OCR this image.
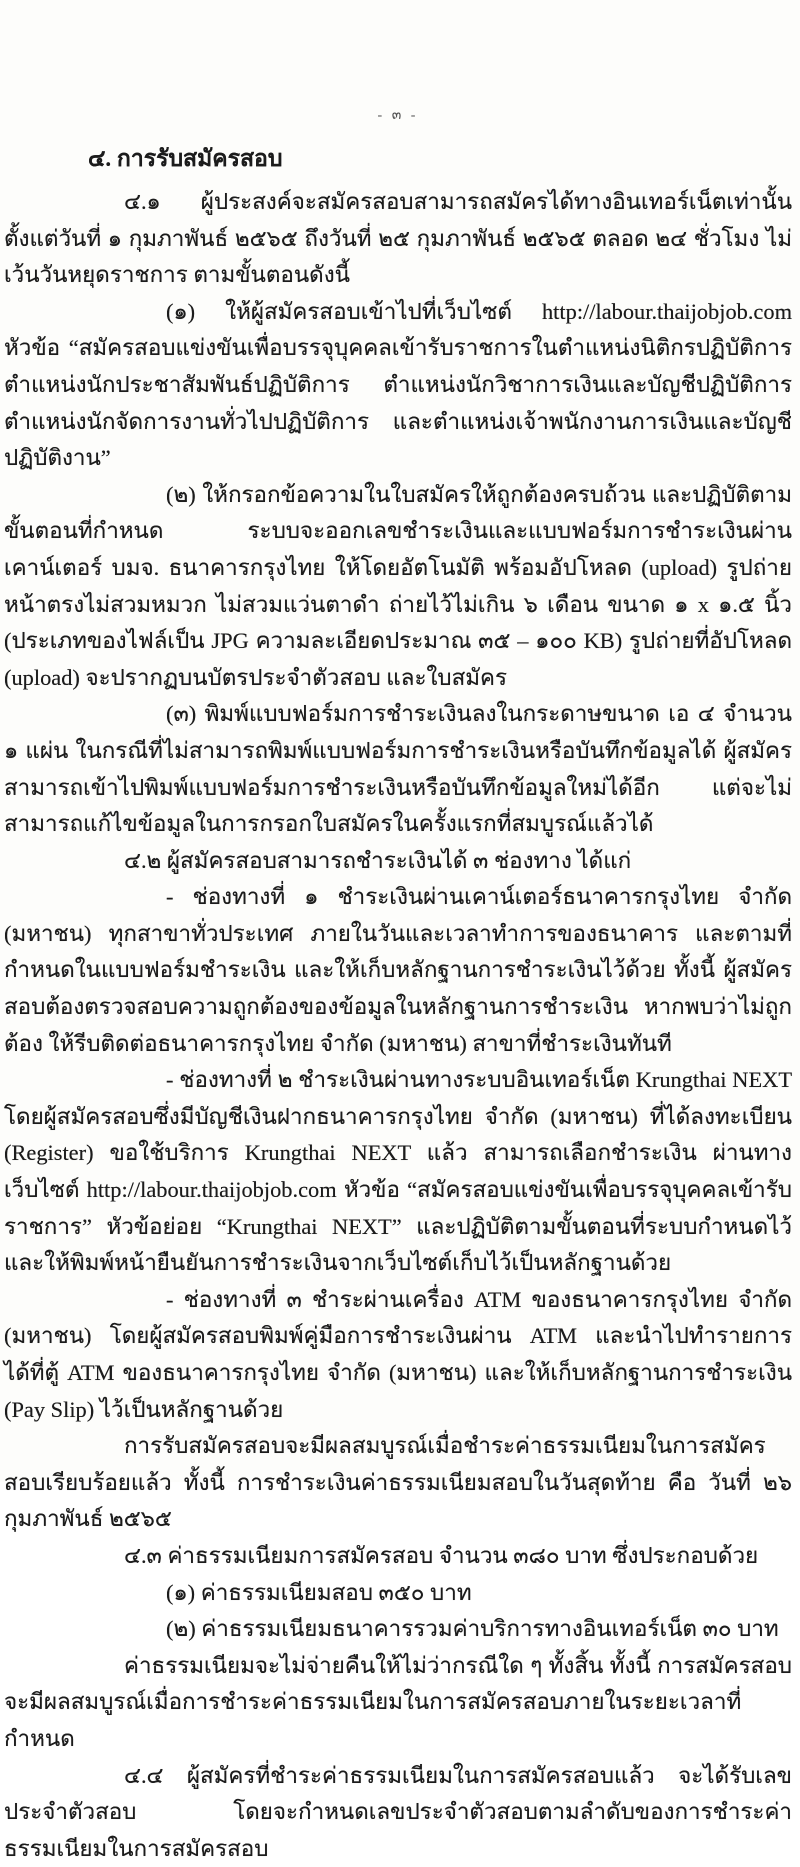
- ๓ -
๔. การรับสมัครสอบ

๔.๑ ผู้ประสงค์จะสมัครสอบสามารถสมัครได้ทางอินเทอร์เน็ตเท่านั้น ตั้งแต่วันที่ ๑ กุมภาพันธ์ ๒๕๖๕ ถึงวันที่ ๒๕ กุมภาพันธ์ ๒๕๖๕ ตลอด ๒๔ ชั่วโมง ไม่เว้นวันหยุดราชการ ตามขั้นตอนดังนี้

(๑) ให้ผู้สมัครสอบเข้าไปที่เว็บไซต์ http://labour.thaijobjob.com หัวข้อ “สมัครสอบแข่งขันเพื่อบรรจุบุคคลเข้ารับราชการในตำแหน่งนิติกรปฏิบัติการ ตำแหน่งนักประชาสัมพันธ์ปฏิบัติการ ตำแหน่งนักวิชาการเงินและบัญชีปฏิบัติการ ตำแหน่งนักจัดการงานทั่วไปปฏิบัติการ และตำแหน่งเจ้าพนักงานการเงินและบัญชีปฏิบัติงาน”

(๒) ให้กรอกข้อความในใบสมัครให้ถูกต้องครบถ้วน และปฏิบัติตามขั้นตอนที่กำหนด ระบบจะออกเลขชำระเงินและแบบฟอร์มการชำระเงินผ่านเคาน์เตอร์ บมจ. ธนาคารกรุงไทย ให้โดยอัตโนมัติ พร้อมอัปโหลด (upload) รูปถ่ายหน้าตรงไม่สวมหมวก ไม่สวมแว่นตาดำ ถ่ายไว้ไม่เกิน ๖ เดือน ขนาด ๑ x ๑.๕ นิ้ว (ประเภทของไฟล์เป็น JPG ความละเอียดประมาณ ๓๕ – ๑๐๐ KB) รูปถ่ายที่อัปโหลด (upload) จะปรากฏบนบัตรประจำตัวสอบ และใบสมัคร

(๓) พิมพ์แบบฟอร์มการชำระเงินลงในกระดาษขนาด เอ ๔ จำนวน ๑ แผ่น ในกรณีที่ไม่สามารถพิมพ์แบบฟอร์มการชำระเงินหรือบันทึกข้อมูลได้ ผู้สมัครสามารถเข้าไปพิมพ์แบบฟอร์มการชำระเงินหรือบันทึกข้อมูลใหม่ได้อีก แต่จะไม่สามารถแก้ไขข้อมูลในการกรอกใบสมัครในครั้งแรกที่สมบูรณ์แล้วได้

๔.๒ ผู้สมัครสอบสามารถชำระเงินได้ ๓ ช่องทาง ได้แก่

- ช่องทางที่ ๑ ชำระเงินผ่านเคาน์เตอร์ธนาคารกรุงไทย จำกัด (มหาชน) ทุกสาขาทั่วประเทศ ภายในวันและเวลาทำการของธนาคาร และตามที่กำหนดในแบบฟอร์มชำระเงิน และให้เก็บหลักฐานการชำระเงินไว้ด้วย ทั้งนี้ ผู้สมัครสอบต้องตรวจสอบความถูกต้องของข้อมูลในหลักฐานการชำระเงิน หากพบว่าไม่ถูกต้อง ให้รีบติดต่อธนาคารกรุงไทย จำกัด (มหาชน) สาขาที่ชำระเงินทันที

- ช่องทางที่ ๒ ชำระเงินผ่านทางระบบอินเทอร์เน็ต Krungthai NEXT โดยผู้สมัครสอบซึ่งมีบัญชีเงินฝากธนาคารกรุงไทย จำกัด (มหาชน) ที่ได้ลงทะเบียน (Register) ขอใช้บริการ Krungthai NEXT แล้ว สามารถเลือกชำระเงิน ผ่านทางเว็บไซต์ http://labour.thaijobjob.com หัวข้อ “สมัครสอบแข่งขันเพื่อบรรจุบุคคลเข้ารับราชการ” หัวข้อย่อย “Krungthai NEXT” และปฏิบัติตามขั้นตอนที่ระบบกำหนดไว้ และให้พิมพ์หน้ายืนยันการชำระเงินจากเว็บไซต์เก็บไว้เป็นหลักฐานด้วย

- ช่องทางที่ ๓ ชำระผ่านเครื่อง ATM ของธนาคารกรุงไทย จำกัด (มหาชน) โดยผู้สมัครสอบพิมพ์คู่มือการชำระเงินผ่าน ATM และนำไปทำรายการได้ที่ตู้ ATM ของธนาคารกรุงไทย จำกัด (มหาชน) และให้เก็บหลักฐานการชำระเงิน (Pay Slip) ไว้เป็นหลักฐานด้วย

การรับสมัครสอบจะมีผลสมบูรณ์เมื่อชำระค่าธรรมเนียมในการสมัครสอบเรียบร้อยแล้ว ทั้งนี้ การชำระเงินค่าธรรมเนียมสอบในวันสุดท้าย คือ วันที่ ๒๖ กุมภาพันธ์ ๒๕๖๕

๔.๓ ค่าธรรมเนียมการสมัครสอบ จำนวน ๓๘๐ บาท ซึ่งประกอบด้วย

(๑) ค่าธรรมเนียมสอบ ๓๕๐ บาท

(๒) ค่าธรรมเนียมธนาคารรวมค่าบริการทางอินเทอร์เน็ต ๓๐ บาท

ค่าธรรมเนียมจะไม่จ่ายคืนให้ไม่ว่ากรณีใด ๆ ทั้งสิ้น ทั้งนี้ การสมัครสอบจะมีผลสมบูรณ์เมื่อการชำระค่าธรรมเนียมในการสมัครสอบภายในระยะเวลาที่กำหนด

๔.๔ ผู้สมัครที่ชำระค่าธรรมเนียมในการสมัครสอบแล้ว จะได้รับเลขประจำตัวสอบ โดยจะกำหนดเลขประจำตัวสอบตามลำดับของการชำระค่าธรรมเนียมในการสมัครสอบ
